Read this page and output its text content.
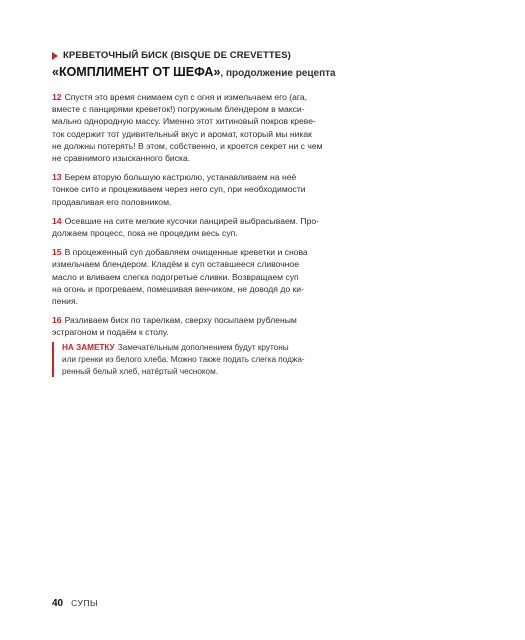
КРЕВЕТОЧНЫЙ БИСК (BISQUE DE CREVETTES)
«КОМПЛИМЕНТ ОТ ШЕФА», продолжение рецепта
12 Спустя это время снимаем суп с огня и измельчаем его (ага,
вместе с панцирями креветок!) погружным блендером в макси-
мально однородную массу. Именно этот хитиновый покров креве-
ток содержит тот удивительный вкус и аромат, который мы никак
не должны потерять! В этом, собственно, и кроется секрет ни с чем
не сравнимого изысканного биска.
13 Берем вторую большую кастрюлю, устанавливаем на неё
тонкое сито и процеживаем через него суп, при необходимости
продавливая его половником.
14 Осевшие на сите мелкие кусочки панцирей выбрасываем. Про-
должаем процесс, пока не процедим весь суп.
15 В процеженный суп добавляем очищенные креветки и снова
измельчаем блендером. Кладём в суп оставшееся сливочное
масло и вливаем слегка подогретые сливки. Возвращаем суп
на огонь и прогреваем, помешивая венчиком, не доводя до ки-
пения.
16 Разливаем биск по тарелкам, сверху посыпаем рубленым
эстрагоном и подаём к столу.
НА ЗАМЕТКУ Замечательным дополнением будут крутоны
или гренки из белого хлеба. Можно также подать слегка поджа-
ренный белый хлеб, натёртый чесноком.
40 СУПЫ
